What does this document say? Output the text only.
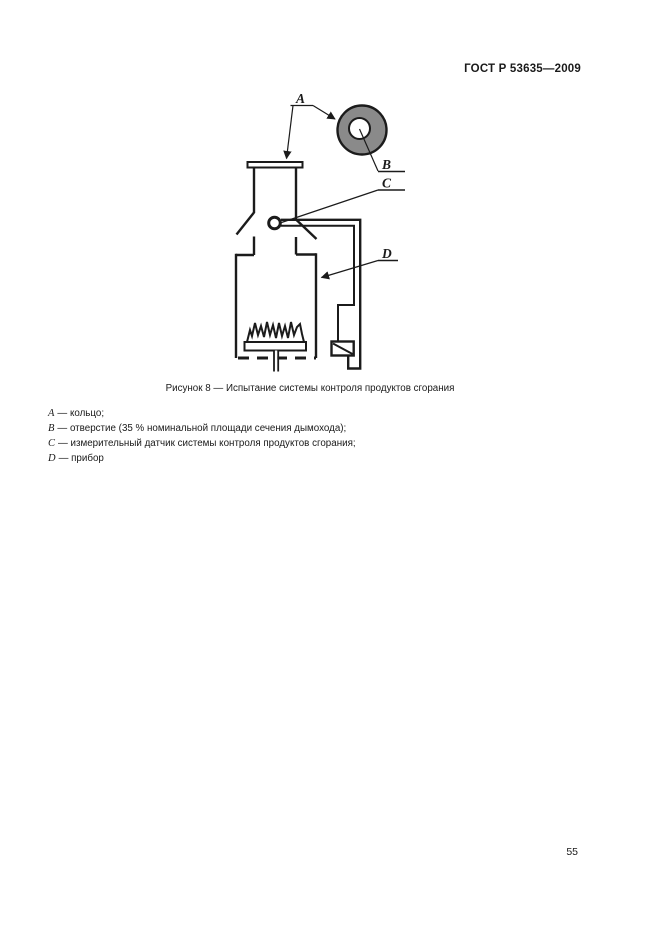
ГОСТ Р 53635—2009
A
B
C
D
Рисунок 8 — Испытание системы контроля продуктов сгорания
A — кольцо;
B — отверстие (35 % номинальной площади сечения дымохода);
C — измерительный датчик системы контроля продуктов сгорания;
D — прибор
55
